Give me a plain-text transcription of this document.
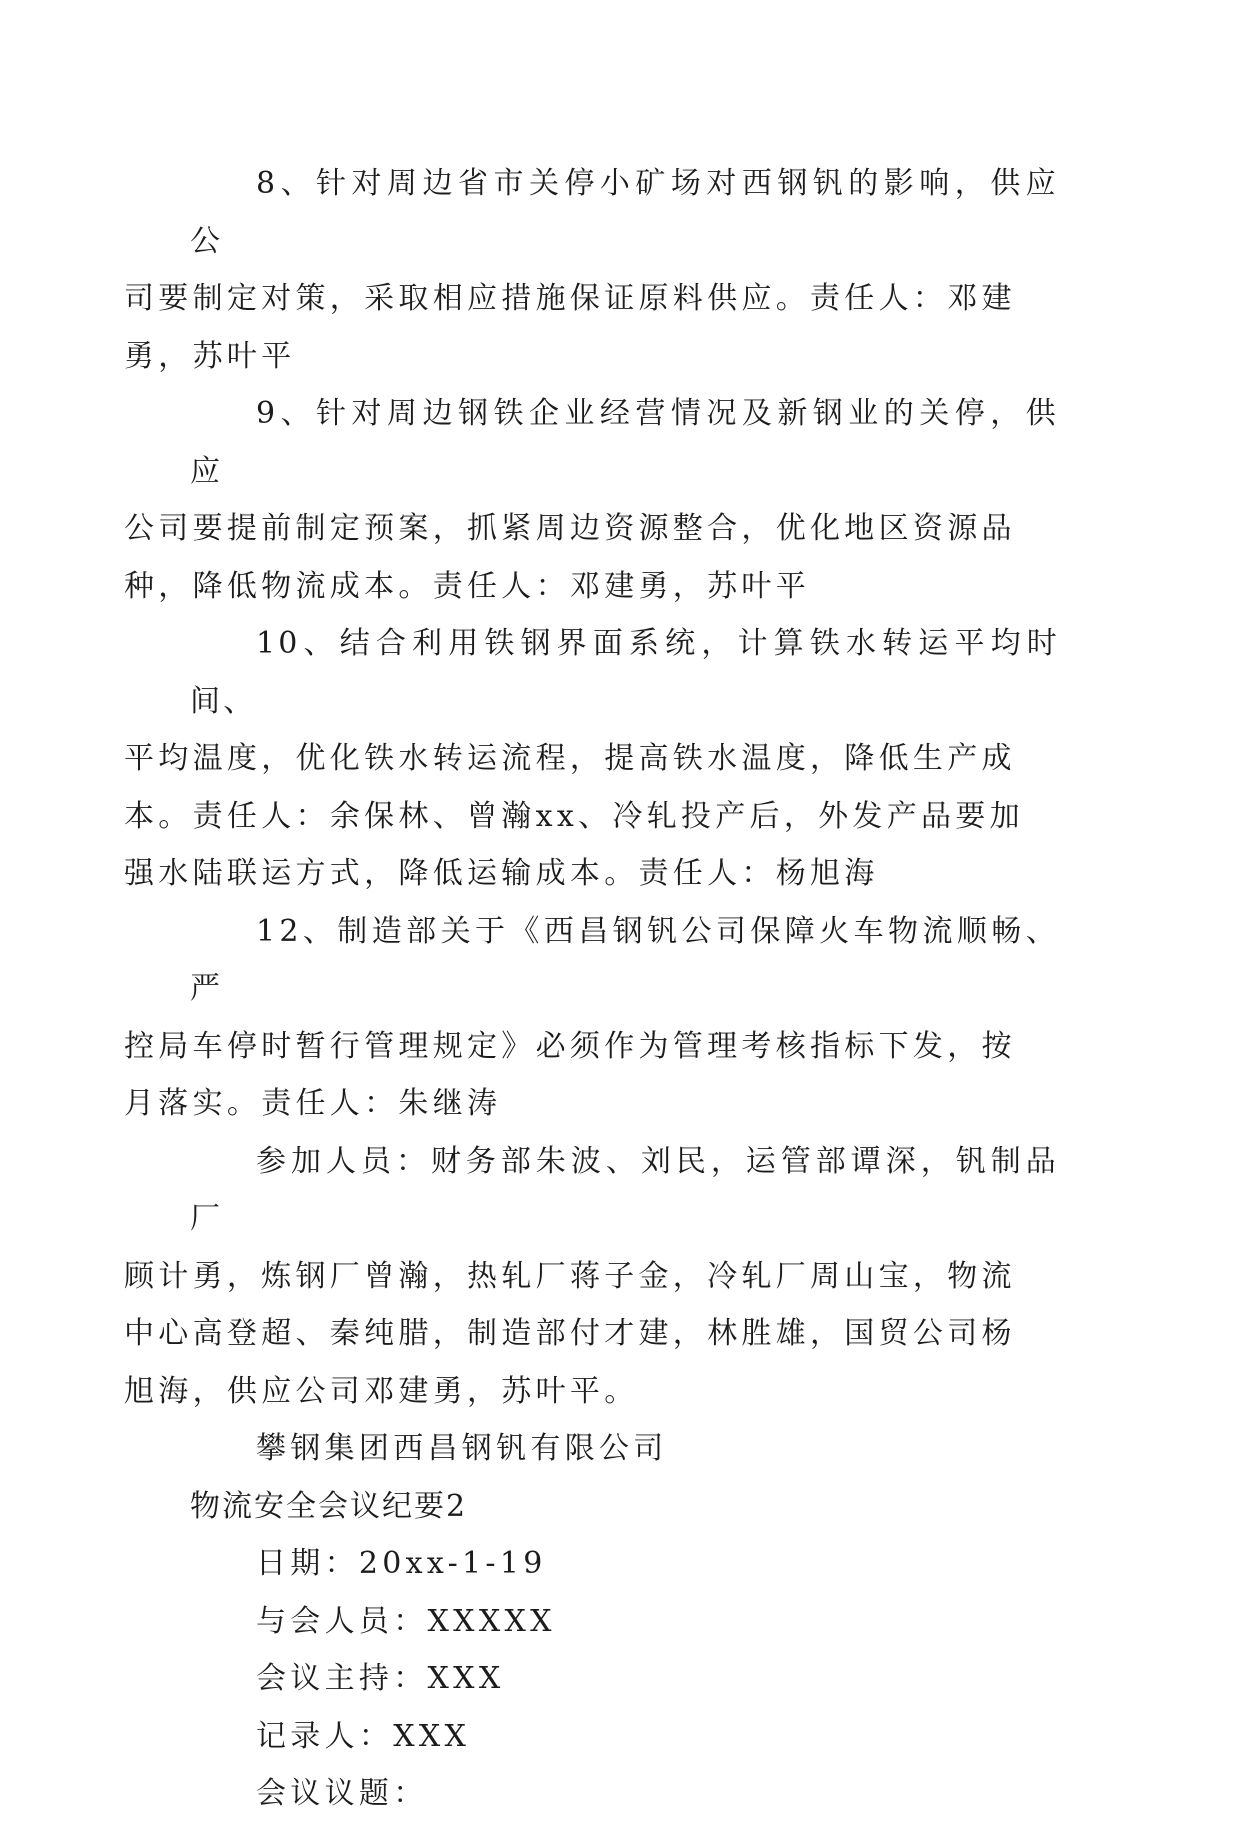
8、针对周边省市关停小矿场对西钢钒的影响，供应公
司要制定对策，采取相应措施保证原料供应。责任人：邓建
勇，苏叶平

9、针对周边钢铁企业经营情况及新钢业的关停，供应
公司要提前制定预案，抓紧周边资源整合，优化地区资源品
种，降低物流成本。责任人：邓建勇，苏叶平

10、结合利用铁钢界面系统，计算铁水转运平均时间、
平均温度，优化铁水转运流程，提高铁水温度，降低生产成
本。责任人：余保林、曾瀚xx、冷轧投产后，外发产品要加
强水陆联运方式，降低运输成本。责任人：杨旭海

12、制造部关于《西昌钢钒公司保障火车物流顺畅、严
控局车停时暂行管理规定》必须作为管理考核指标下发，按
月落实。责任人：朱继涛

参加人员：财务部朱波、刘民，运管部谭深，钒制品厂
顾计勇，炼钢厂曾瀚，热轧厂蒋子金，冷轧厂周山宝，物流
中心高登超、秦纯腊，制造部付才建，林胜雄，国贸公司杨
旭海，供应公司邓建勇，苏叶平。

攀钢集团西昌钢钒有限公司

物流安全会议纪要2

日期：20xx-1-19

与会人员：XXXXX

会议主持：XXX

记录人：XXX

会议议题：
